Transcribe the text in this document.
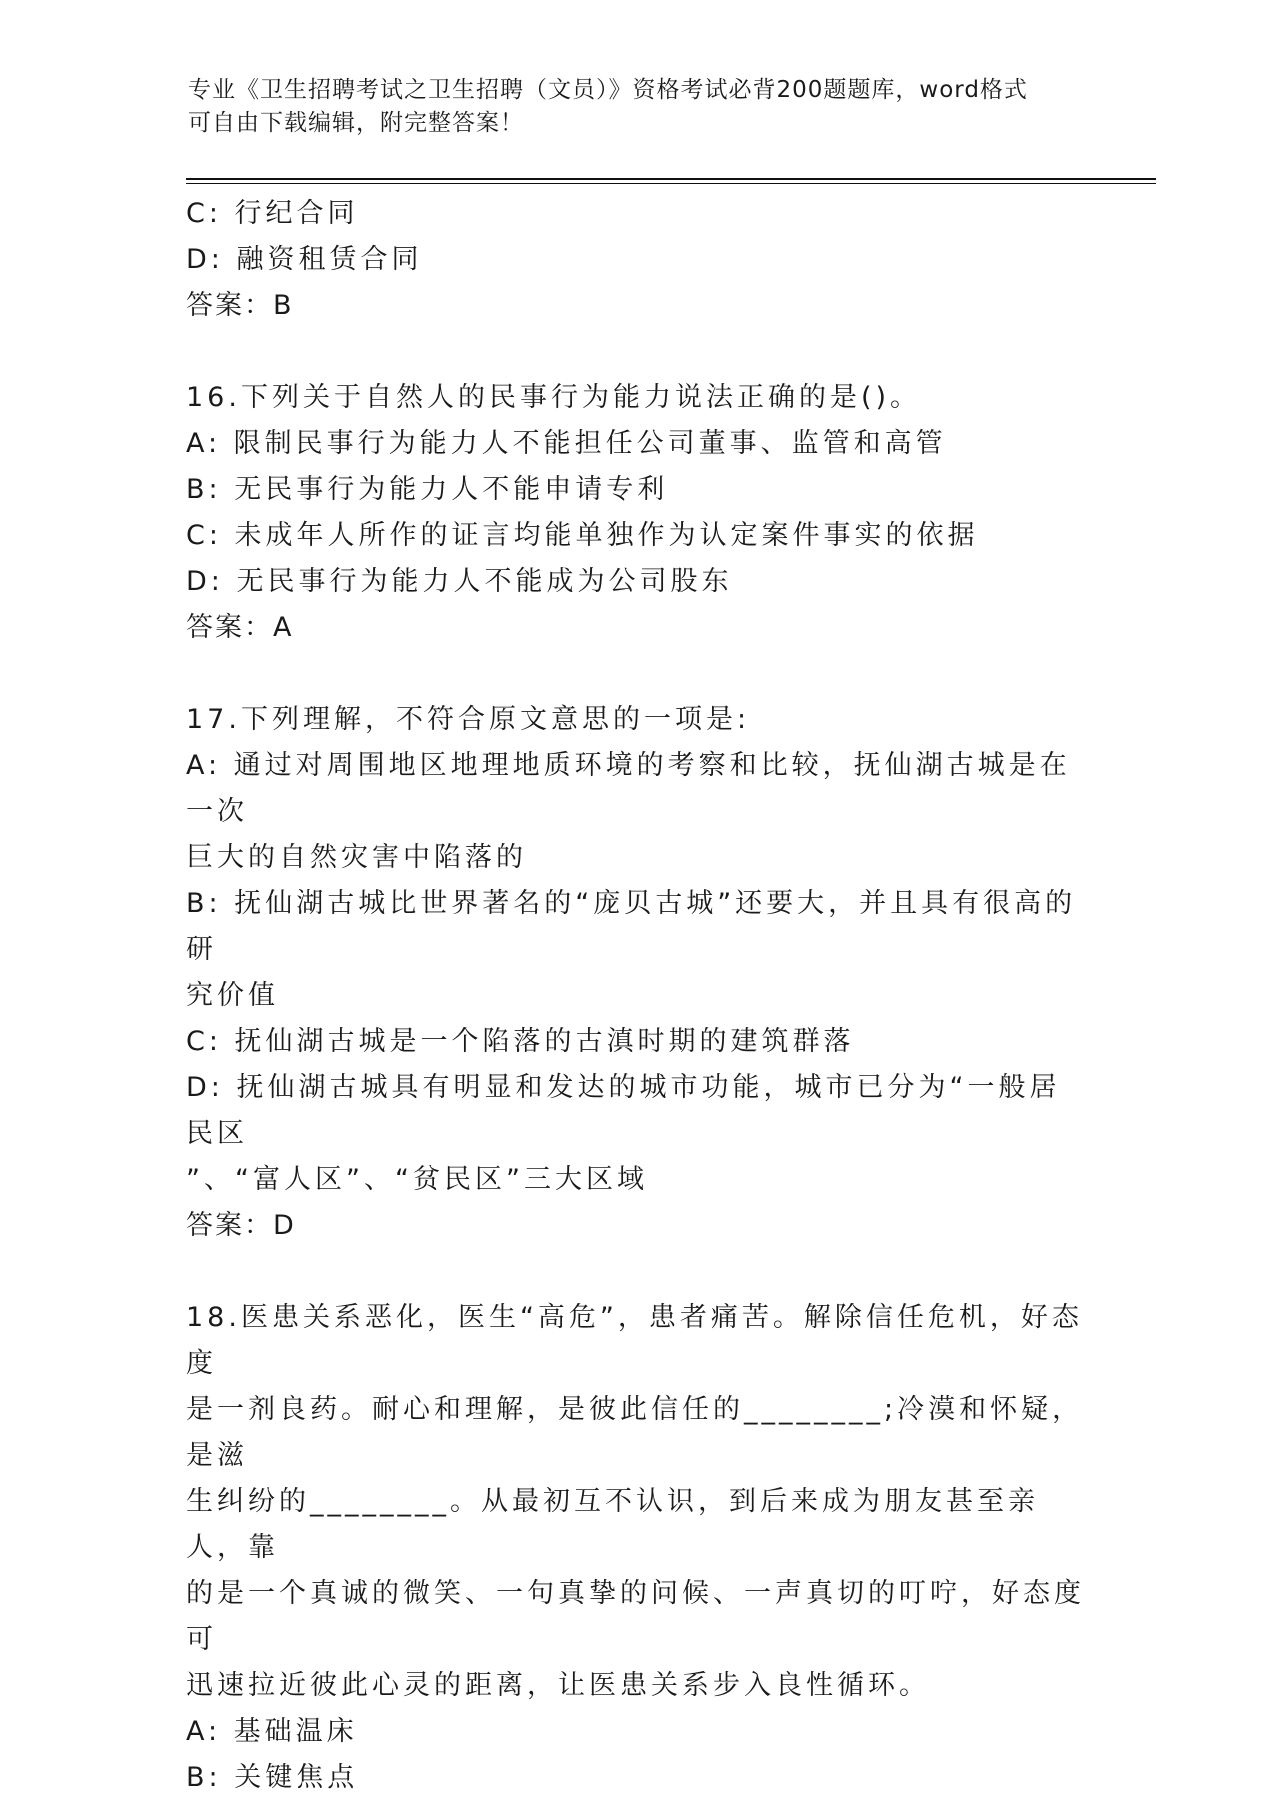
专业《卫生招聘考试之卫生招聘（文员）》资格考试必背200题题库，word格式
可自由下载编辑，附完整答案！

C: 行纪合同

D: 融资租赁合同

答案：B

16.下列关于自然人的民事行为能力说法正确的是()。

A: 限制民事行为能力人不能担任公司董事、监管和高管

B: 无民事行为能力人不能申请专利

C: 未成年人所作的证言均能单独作为认定案件事实的依据

D: 无民事行为能力人不能成为公司股东

答案：A

17.下列理解，不符合原文意思的一项是:

A: 通过对周围地区地理地质环境的考察和比较，抚仙湖古城是在一次

巨大的自然灾害中陷落的

B: 抚仙湖古城比世界著名的“庞贝古城”还要大，并且具有很高的研

究价值

C: 抚仙湖古城是一个陷落的古滇时期的建筑群落

D: 抚仙湖古城具有明显和发达的城市功能，城市已分为“一般居民区

”、“富人区”、“贫民区”三大区域

答案：D

18.医患关系恶化，医生“高危”，患者痛苦。解除信任危机，好态度

是一剂良药。耐心和理解，是彼此信任的________;冷漠和怀疑，是滋

生纠纷的________。从最初互不认识，到后来成为朋友甚至亲人，靠

的是一个真诚的微笑、一句真挚的问候、一声真切的叮咛，好态度可

迅速拉近彼此心灵的距离，让医患关系步入良性循环。

A: 基础温床

B: 关键焦点
